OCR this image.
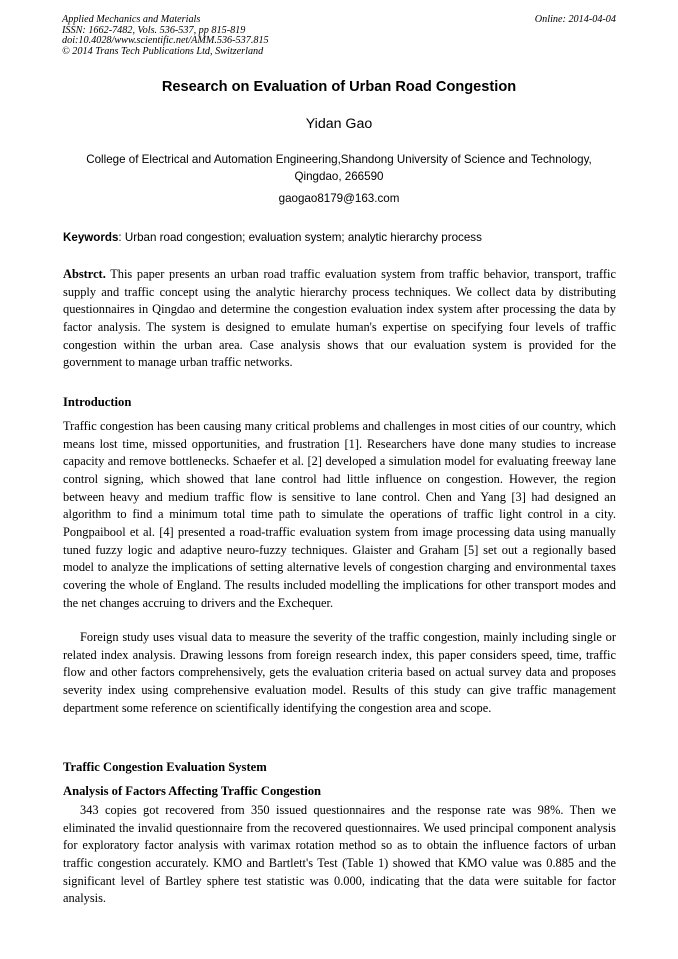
Applied Mechanics and Materials	Online: 2014-04-04
ISSN: 1662-7482, Vols. 536-537, pp 815-819
doi:10.4028/www.scientific.net/AMM.536-537.815
© 2014 Trans Tech Publications Ltd, Switzerland
Research on Evaluation of Urban Road Congestion
Yidan Gao
College of Electrical and Automation Engineering,Shandong University of Science and Technology,
Qingdao, 266590
gaogao8179@163.com
Keywords: Urban road congestion; evaluation system; analytic hierarchy process
Abstrct. This paper presents an urban road traffic evaluation system from traffic behavior, transport, traffic supply and traffic concept using the analytic hierarchy process techniques. We collect data by distributing questionnaires in Qingdao and determine the congestion evaluation index system after processing the data by factor analysis. The system is designed to emulate human's expertise on specifying four levels of traffic congestion within the urban area. Case analysis shows that our evaluation system is provided for the government to manage urban traffic networks.
Introduction
Traffic congestion has been causing many critical problems and challenges in most cities of our country, which means lost time, missed opportunities, and frustration [1]. Researchers have done many studies to increase capacity and remove bottlenecks. Schaefer et al. [2] developed a simulation model for evaluating freeway lane control signing, which showed that lane control had little influence on congestion. However, the region between heavy and medium traffic flow is sensitive to lane control. Chen and Yang [3] had designed an algorithm to find a minimum total time path to simulate the operations of traffic light control in a city. Pongpaibool et al. [4] presented a road-traffic evaluation system from image processing data using manually tuned fuzzy logic and adaptive neuro-fuzzy techniques. Glaister and Graham [5] set out a regionally based model to analyze the implications of setting alternative levels of congestion charging and environmental taxes covering the whole of England. The results included modelling the implications for other transport modes and the net changes accruing to drivers and the Exchequer.
Foreign study uses visual data to measure the severity of the traffic congestion, mainly including single or related index analysis. Drawing lessons from foreign research index, this paper considers speed, time, traffic flow and other factors comprehensively, gets the evaluation criteria based on actual survey data and proposes severity index using comprehensive evaluation model. Results of this study can give traffic management department some reference on scientifically identifying the congestion area and scope.
Traffic Congestion Evaluation System
Analysis of Factors Affecting Traffic Congestion
343 copies got recovered from 350 issued questionnaires and the response rate was 98%. Then we eliminated the invalid questionnaire from the recovered questionnaires. We used principal component analysis for exploratory factor analysis with varimax rotation method so as to obtain the influence factors of urban traffic congestion accurately. KMO and Bartlett's Test (Table 1) showed that KMO value was 0.885 and the significant level of Bartley sphere test statistic was 0.000, indicating that the data were suitable for factor analysis.
